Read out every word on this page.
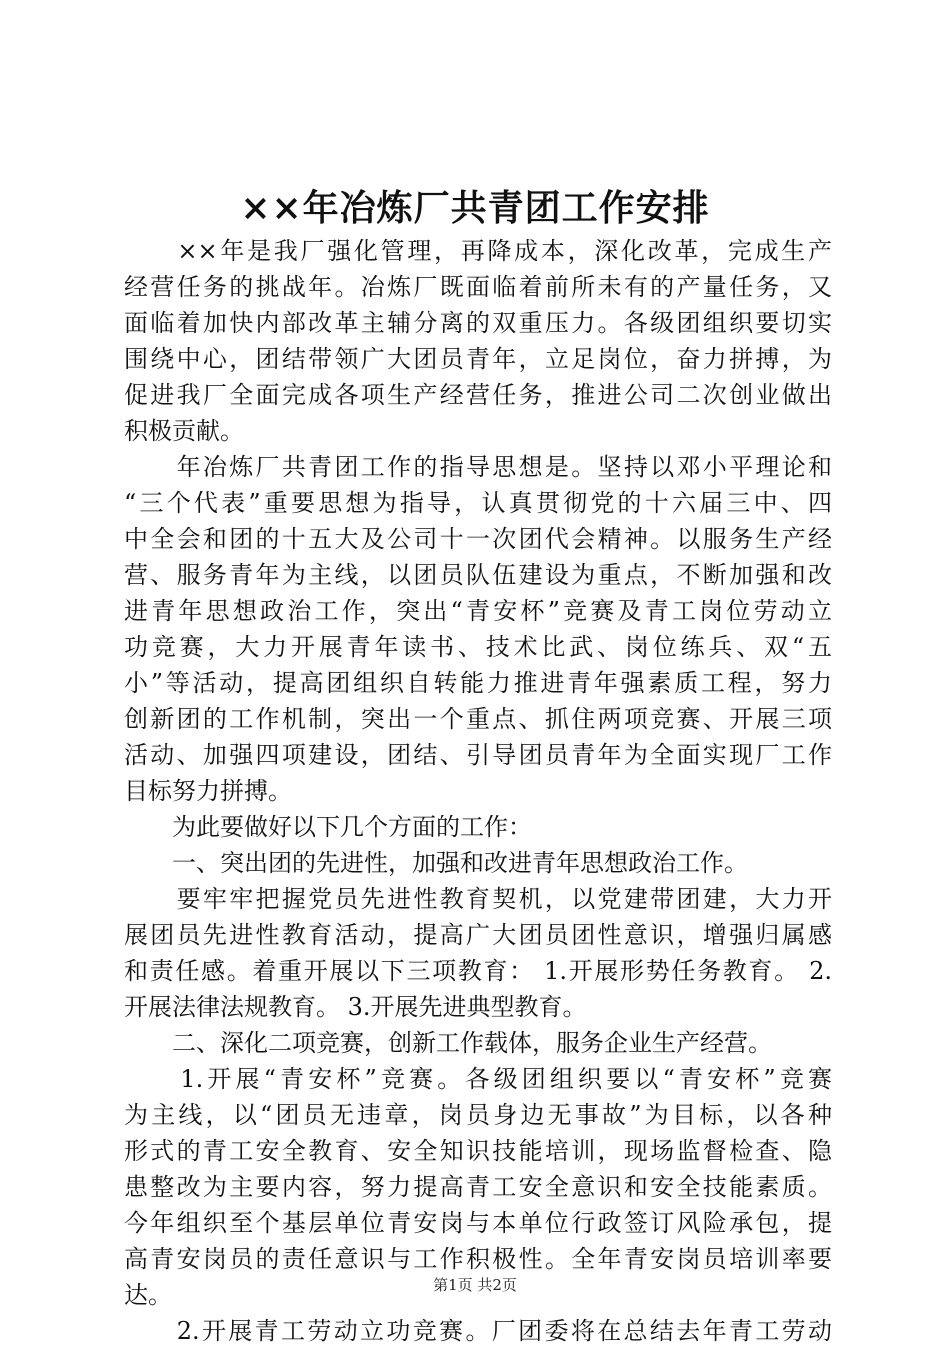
××年冶炼厂共青团工作安排
　　××年是我厂强化管理，再降成本，深化改革，完成生产
经营任务的挑战年。冶炼厂既面临着前所未有的产量任务，又
面临着加快内部改革主辅分离的双重压力。各级团组织要切实
围绕中心，团结带领广大团员青年，立足岗位，奋力拼搏，为
促进我厂全面完成各项生产经营任务，推进公司二次创业做出
积极贡献。
　　年冶炼厂共青团工作的指导思想是。坚持以邓小平理论和
“三个代表”重要思想为指导，认真贯彻党的十六届三中、四
中全会和团的十五大及公司十一次团代会精神。以服务生产经
营、服务青年为主线，以团员队伍建设为重点，不断加强和改
进青年思想政治工作，突出“青安杯”竞赛及青工岗位劳动立
功竞赛，大力开展青年读书、技术比武、岗位练兵、双“五
小”等活动，提高团组织自转能力推进青年强素质工程，努力
创新团的工作机制，突出一个重点、抓住两项竞赛、开展三项
活动、加强四项建设，团结、引导团员青年为全面实现厂工作
目标努力拼搏。
　　为此要做好以下几个方面的工作：
　　一、突出团的先进性，加强和改进青年思想政治工作。
　　要牢牢把握党员先进性教育契机，以党建带团建，大力开
展团员先进性教育活动，提高广大团员团性意识，增强归属感
和责任感。着重开展以下三项教育： 1.开展形势任务教育。 2.
开展法律法规教育。 3.开展先进典型教育。
　　二、深化二项竞赛，创新工作载体，服务企业生产经营。
　　1.开展“青安杯”竞赛。各级团组织要以“青安杯”竞赛
为主线，以“团员无违章，岗员身边无事故”为目标，以各种
形式的青工安全教育、安全知识技能培训，现场监督检查、隐
患整改为主要内容，努力提高青工安全意识和安全技能素质。
今年组织至个基层单位青安岗与本单位行政签订风险承包，提
高青安岗员的责任意识与工作积极性。全年青安岗员培训率要
达。
　　2.开展青工劳动立功竞赛。厂团委将在总结去年青工劳动
第1页 共2页
